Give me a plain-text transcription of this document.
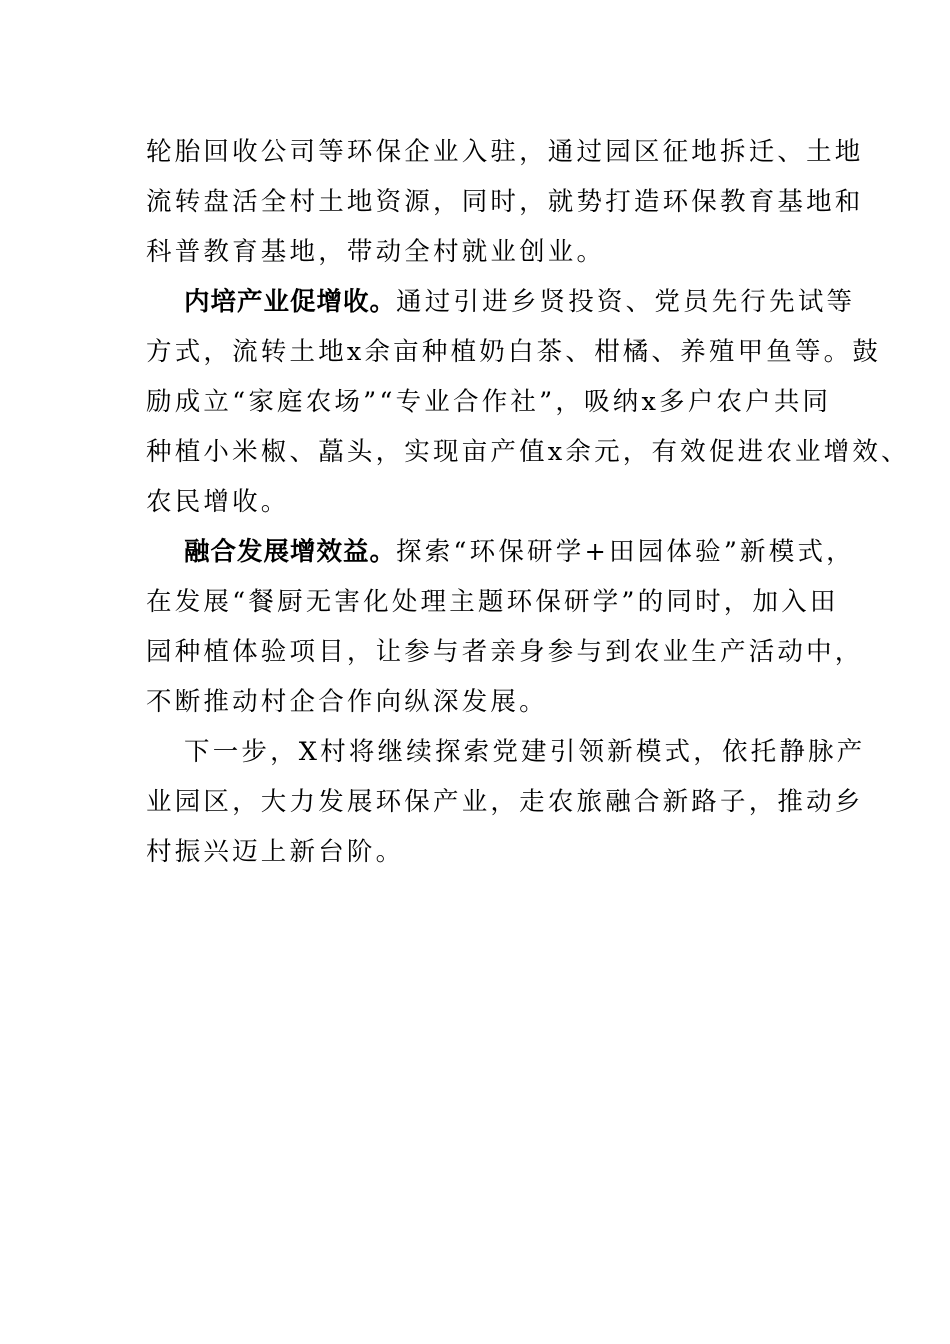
轮胎回收公司等环保企业入驻，通过园区征地拆迁、土地
流转盘活全村土地资源，同时，就势打造环保教育基地和
科普教育基地，带动全村就业创业。
内培产业促增收。通过引进乡贤投资、党员先行先试等
方式，流转土地x余亩种植奶白茶、柑橘、养殖甲鱼等。鼓
励成立“家庭农场”“专业合作社”，吸纳x多户农户共同
种植小米椒、藠头，实现亩产值x余元，有效促进农业增效、
农民增收。
融合发展增效益。探索“环保研学+田园体验”新模式，
在发展“餐厨无害化处理主题环保研学”的同时，加入田
园种植体验项目，让参与者亲身参与到农业生产活动中，
不断推动村企合作向纵深发展。
下一步，X村将继续探索党建引领新模式，依托静脉产
业园区，大力发展环保产业，走农旅融合新路子，推动乡
村振兴迈上新台阶。
